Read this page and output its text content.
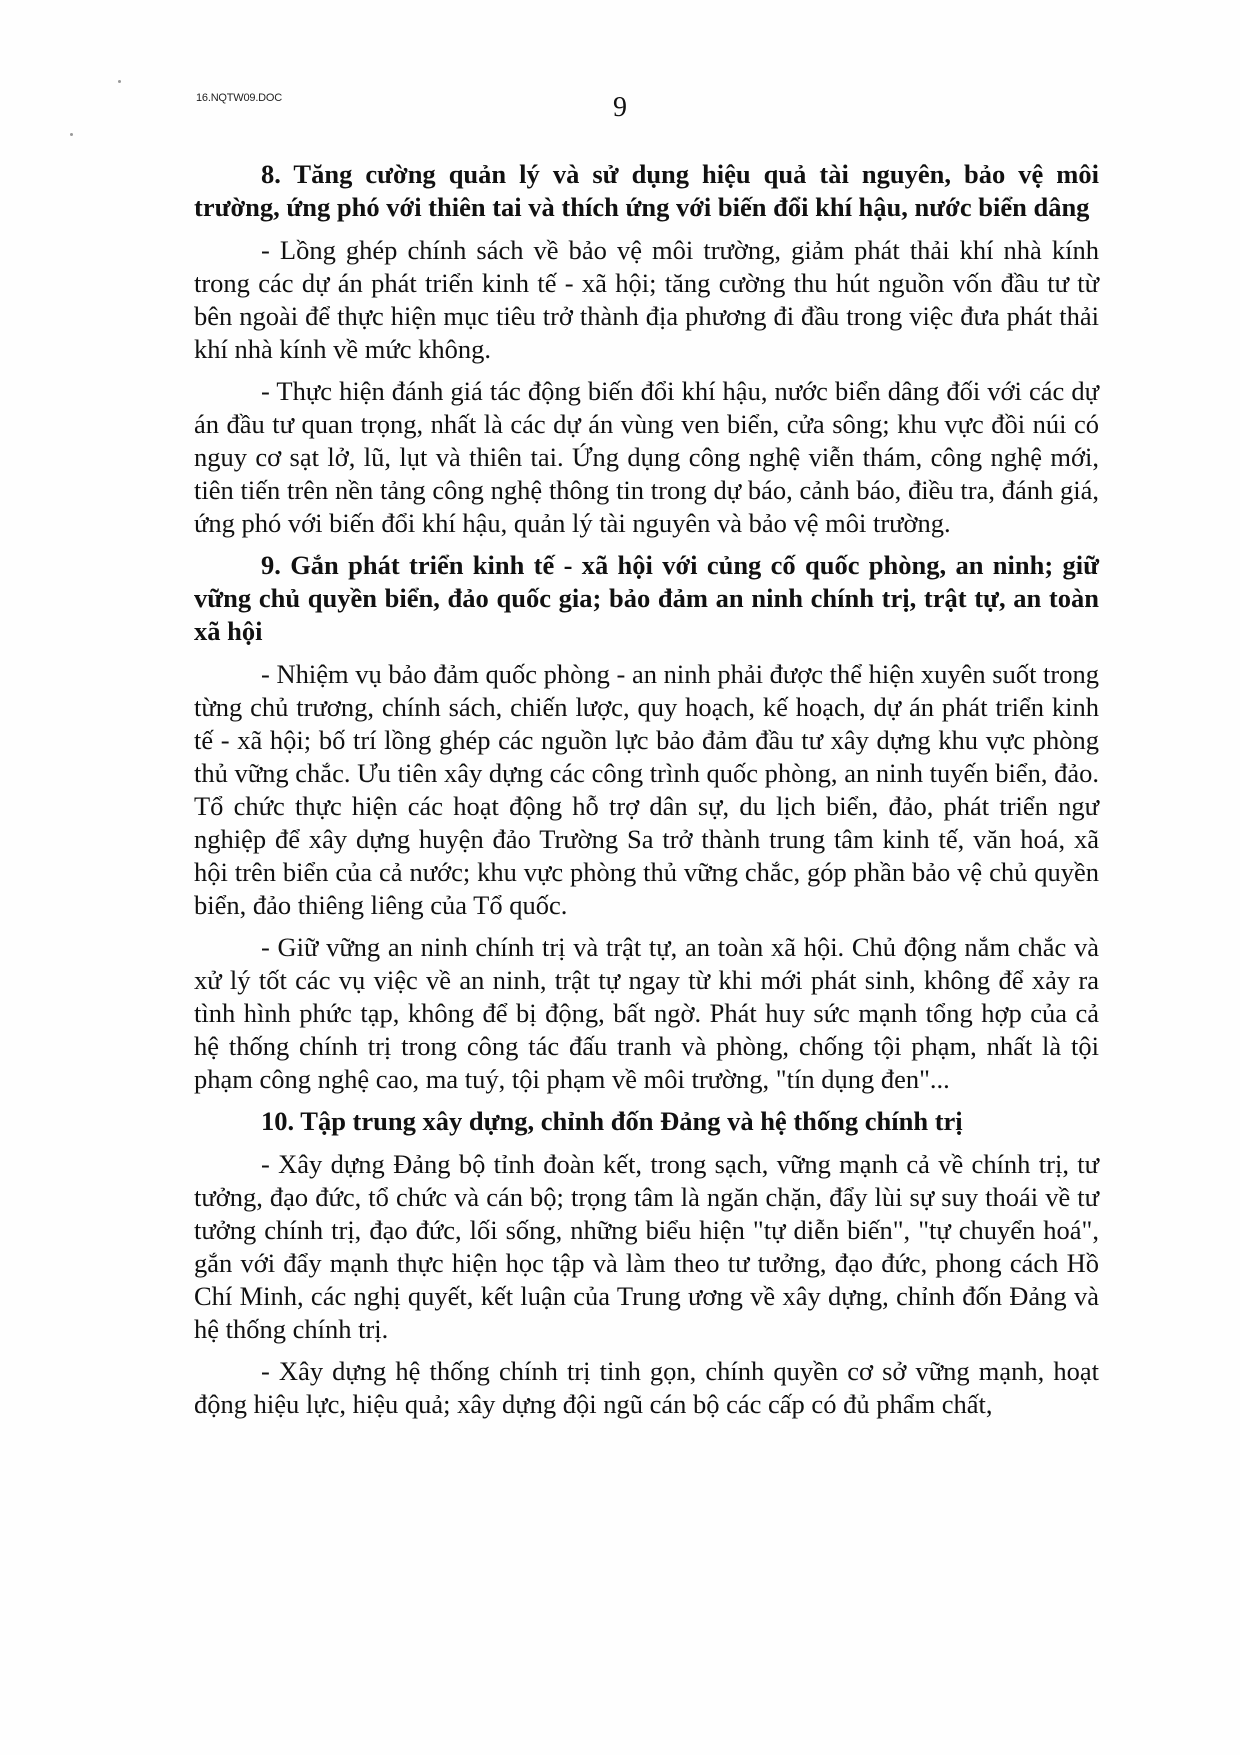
16.NQTW09.DOC	9

8. Tăng cường quản lý và sử dụng hiệu quả tài nguyên, bảo vệ môi trường, ứng phó với thiên tai và thích ứng với biến đổi khí hậu, nước biển dâng

- Lồng ghép chính sách về bảo vệ môi trường, giảm phát thải khí nhà kính trong các dự án phát triển kinh tế - xã hội; tăng cường thu hút nguồn vốn đầu tư từ bên ngoài để thực hiện mục tiêu trở thành địa phương đi đầu trong việc đưa phát thải khí nhà kính về mức không.

- Thực hiện đánh giá tác động biến đổi khí hậu, nước biển dâng đối với các dự án đầu tư quan trọng, nhất là các dự án vùng ven biển, cửa sông; khu vực đồi núi có nguy cơ sạt lở, lũ, lụt và thiên tai. Ứng dụng công nghệ viễn thám, công nghệ mới, tiên tiến trên nền tảng công nghệ thông tin trong dự báo, cảnh báo, điều tra, đánh giá, ứng phó với biến đổi khí hậu, quản lý tài nguyên và bảo vệ môi trường.

9. Gắn phát triển kinh tế - xã hội với củng cố quốc phòng, an ninh; giữ vững chủ quyền biển, đảo quốc gia; bảo đảm an ninh chính trị, trật tự, an toàn xã hội

- Nhiệm vụ bảo đảm quốc phòng - an ninh phải được thể hiện xuyên suốt trong từng chủ trương, chính sách, chiến lược, quy hoạch, kế hoạch, dự án phát triển kinh tế - xã hội; bố trí lồng ghép các nguồn lực bảo đảm đầu tư xây dựng khu vực phòng thủ vững chắc. Ưu tiên xây dựng các công trình quốc phòng, an ninh tuyến biển, đảo. Tổ chức thực hiện các hoạt động hỗ trợ dân sự, du lịch biển, đảo, phát triển ngư nghiệp để xây dựng huyện đảo Trường Sa trở thành trung tâm kinh tế, văn hoá, xã hội trên biển của cả nước; khu vực phòng thủ vững chắc, góp phần bảo vệ chủ quyền biển, đảo thiêng liêng của Tổ quốc.

- Giữ vững an ninh chính trị và trật tự, an toàn xã hội. Chủ động nắm chắc và xử lý tốt các vụ việc về an ninh, trật tự ngay từ khi mới phát sinh, không để xảy ra tình hình phức tạp, không để bị động, bất ngờ. Phát huy sức mạnh tổng hợp của cả hệ thống chính trị trong công tác đấu tranh và phòng, chống tội phạm, nhất là tội phạm công nghệ cao, ma tuý, tội phạm về môi trường, "tín dụng đen"...

10. Tập trung xây dựng, chỉnh đốn Đảng và hệ thống chính trị

- Xây dựng Đảng bộ tỉnh đoàn kết, trong sạch, vững mạnh cả về chính trị, tư tưởng, đạo đức, tổ chức và cán bộ; trọng tâm là ngăn chặn, đẩy lùi sự suy thoái về tư tưởng chính trị, đạo đức, lối sống, những biểu hiện "tự diễn biến", "tự chuyển hoá", gắn với đẩy mạnh thực hiện học tập và làm theo tư tưởng, đạo đức, phong cách Hồ Chí Minh, các nghị quyết, kết luận của Trung ương về xây dựng, chỉnh đốn Đảng và hệ thống chính trị.

- Xây dựng hệ thống chính trị tinh gọn, chính quyền cơ sở vững mạnh, hoạt động hiệu lực, hiệu quả; xây dựng đội ngũ cán bộ các cấp có đủ phẩm chất,
